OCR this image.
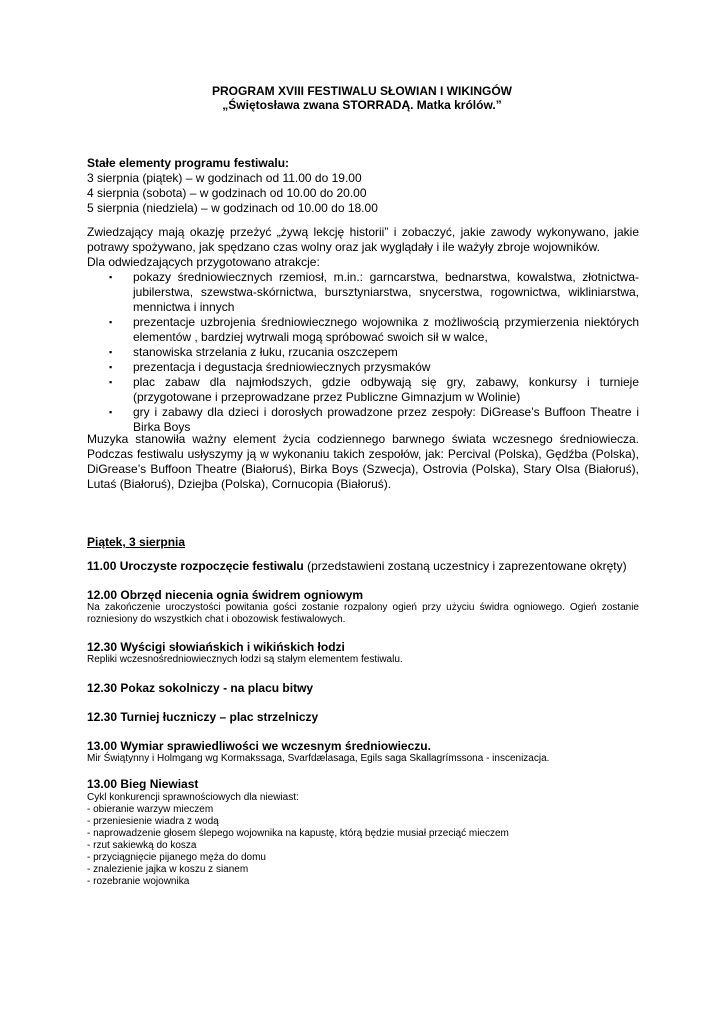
PROGRAM XVIII FESTIWALU SŁOWIAN I WIKINGÓW
„Świętosława zwana STORRADĄ. Matka królów.”
Stałe elementy programu festiwalu:
3 sierpnia (piątek) – w godzinach od 11.00 do 19.00
4 sierpnia (sobota) – w godzinach od 10.00 do 20.00
5 sierpnia (niedziela) – w godzinach od 10.00 do 18.00
Zwiedzający mają okazję przeżyć „żywą lekcję historii” i zobaczyć, jakie zawody wykonywano, jakie potrawy spożywano, jak spędzano czas wolny oraz jak wyglądały i ile ważyły zbroje wojowników.
Dla odwiedzających przygotowano atrakcje:
▪ pokazy średniowiecznych rzemiosł, m.in.: garncarstwa, bednarstwa, kowalstwa, złotnictwa-jubilerstwa, szewstwa-skórnictwa, bursztyniarstwa, snycerstwa, rogownictwa, wikliniarstwa, mennictwa i innych
▪ prezentacje uzbrojenia średniowiecznego wojownika z możliwością przymierzenia niektórych elementów , bardziej wytrwali mogą spróbować swoich sił w walce,
▪ stanowiska strzelania z łuku, rzucania oszczepem
▪ prezentacja i degustacja średniowiecznych przysmaków
▪ plac zabaw dla najmłodszych, gdzie odbywają się gry, zabawy, konkursy i turnieje (przygotowane i przeprowadzane przez Publiczne Gimnazjum w Wolinie)
▪ gry i zabawy dla dzieci i dorosłych prowadzone przez zespoły: DiGrease’s Buffoon Theatre i Birka Boys
Muzyka stanowiła ważny element życia codziennego barwnego świata wczesnego średniowiecza. Podczas festiwalu usłyszymy ją w wykonaniu takich zespołów, jak: Percival (Polska), Gędźba (Polska), DiGrease’s Buffoon Theatre (Białoruś), Birka Boys (Szwecja), Ostrovia (Polska), Stary Olsa (Białoruś), Lutaś (Białoruś), Dziejba (Polska), Cornucopia (Białoruś).
Piątek, 3 sierpnia
11.00 Uroczyste rozpoczęcie festiwalu (przedstawieni zostaną uczestnicy i zaprezentowane okręty)
12.00 Obrzęd niecenia ognia świdrem ogniowym
Na zakończenie uroczystości powitania gości zostanie rozpalony ogień przy użyciu świdra ogniowego. Ogień zostanie rozniesiony do wszystkich chat i obozowisk festiwalowych.
12.30 Wyścigi słowiańskich i wikińskich łodzi
Repliki wczesnośredniowiecznych łodzi są stałym elementem festiwalu.
12.30 Pokaz sokolniczy - na placu bitwy
12.30 Turniej łuczniczy – plac strzelniczy
13.00 Wymiar sprawiedliwości we wczesnym średniowieczu.
Mir Świątynny i Holmgang wg Kormakssaga, Svarfdælasaga, Egils saga Skallagrímssona - inscenizacja.
13.00 Bieg Niewiast
Cykl konkurencji sprawnościowych dla niewiast:
- obieranie warzyw mieczem
- przeniesienie wiadra z wodą
- naprowadzenie głosem ślepego wojownika na kapustę, którą będzie musiał przeciąć mieczem
- rzut sakiewką do kosza
- przyciągnięcie pijanego męża do domu
- znalezienie jajka w koszu z sianem
- rozebranie wojownika
